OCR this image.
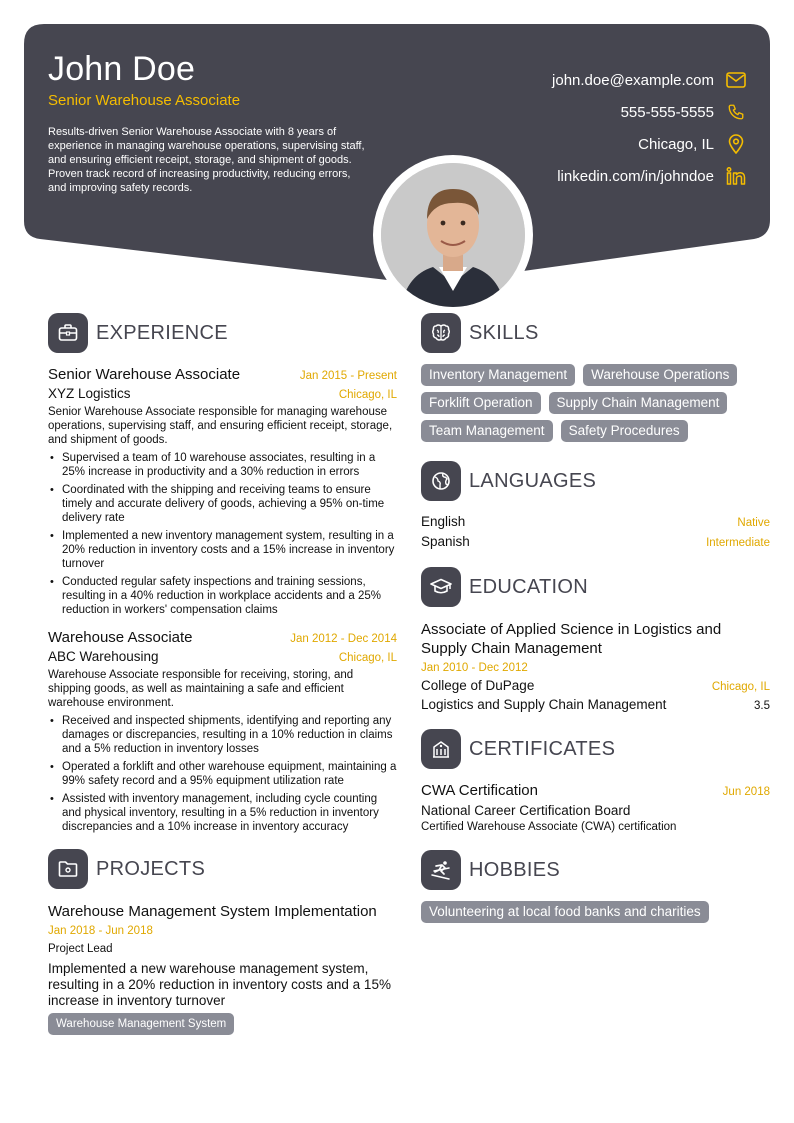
John Doe
Senior Warehouse Associate
Results-driven Senior Warehouse Associate with 8 years of experience in managing warehouse operations, supervising staff, and ensuring efficient receipt, storage, and shipment of goods. Proven track record of increasing productivity, reducing errors, and improving safety records.
john.doe@example.com
555-555-5555
Chicago, IL
linkedin.com/in/johndoe
EXPERIENCE
Senior Warehouse Associate	Jan 2015 - Present
XYZ Logistics	Chicago, IL
Senior Warehouse Associate responsible for managing warehouse operations, supervising staff, and ensuring efficient receipt, storage, and shipment of goods.
• Supervised a team of 10 warehouse associates, resulting in a 25% increase in productivity and a 30% reduction in errors
• Coordinated with the shipping and receiving teams to ensure timely and accurate delivery of goods, achieving a 95% on-time delivery rate
• Implemented a new inventory management system, resulting in a 20% reduction in inventory costs and a 15% increase in inventory turnover
• Conducted regular safety inspections and training sessions, resulting in a 40% reduction in workplace accidents and a 25% reduction in workers' compensation claims
Warehouse Associate	Jan 2012 - Dec 2014
ABC Warehousing	Chicago, IL
Warehouse Associate responsible for receiving, storing, and shipping goods, as well as maintaining a safe and efficient warehouse environment.
• Received and inspected shipments, identifying and reporting any damages or discrepancies, resulting in a 10% reduction in claims and a 5% reduction in inventory losses
• Operated a forklift and other warehouse equipment, maintaining a 99% safety record and a 95% equipment utilization rate
• Assisted with inventory management, including cycle counting and physical inventory, resulting in a 5% reduction in inventory discrepancies and a 10% increase in inventory accuracy
PROJECTS
Warehouse Management System Implementation
Jan 2018 - Jun 2018
Project Lead
Implemented a new warehouse management system, resulting in a 20% reduction in inventory costs and a 15% increase in inventory turnover
Warehouse Management System
SKILLS
Inventory Management	Warehouse Operations
Forklift Operation	Supply Chain Management
Team Management	Safety Procedures
LANGUAGES
English	Native
Spanish	Intermediate
EDUCATION
Associate of Applied Science in Logistics and Supply Chain Management
Jan 2010 - Dec 2012
College of DuPage	Chicago, IL
Logistics and Supply Chain Management	3.5
CERTIFICATES
CWA Certification	Jun 2018
National Career Certification Board
Certified Warehouse Associate (CWA) certification
HOBBIES
Volunteering at local food banks and charities
